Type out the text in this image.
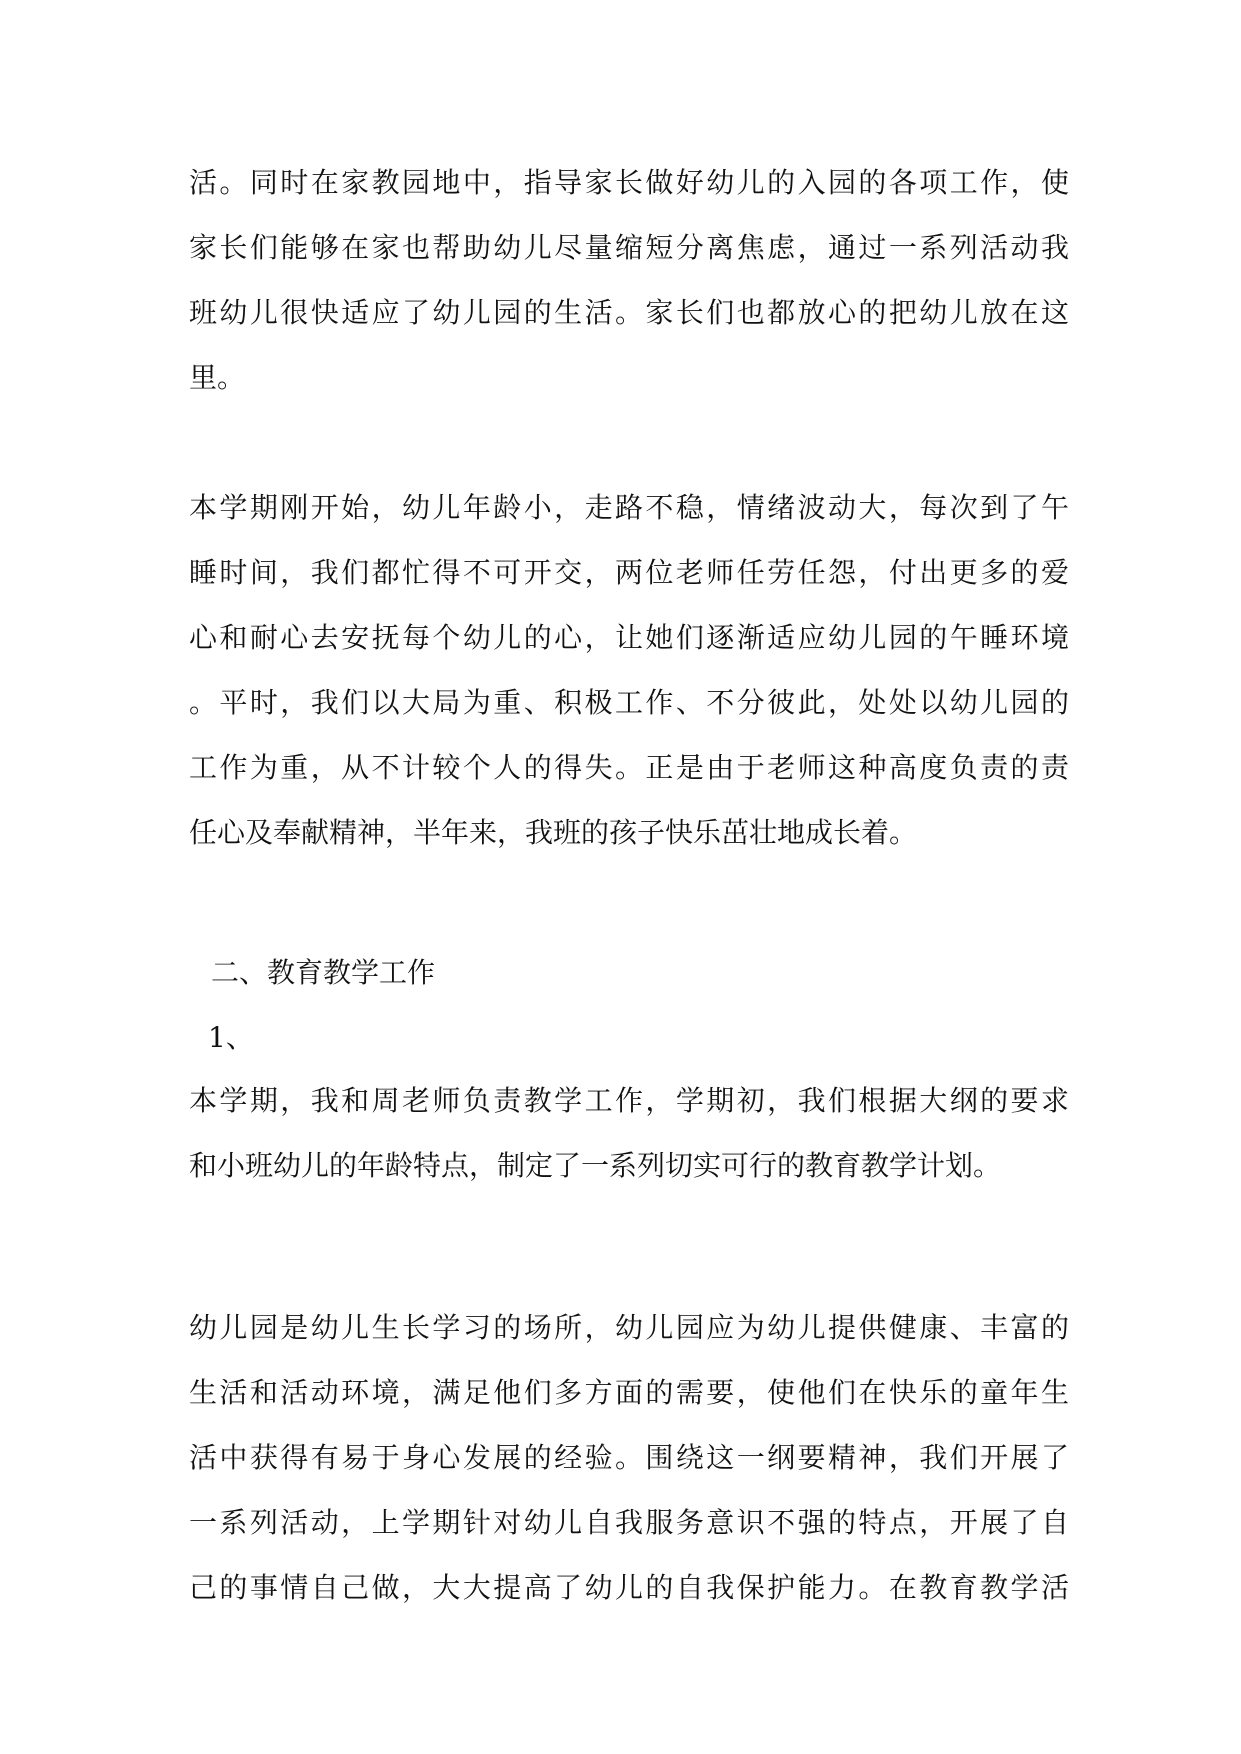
活。同时在家教园地中，指导家长做好幼儿的入园的各项工作，使
家长们能够在家也帮助幼儿尽量缩短分离焦虑，通过一系列活动我
班幼儿很快适应了幼儿园的生活。家长们也都放心的把幼儿放在这
里。
本学期刚开始，幼儿年龄小，走路不稳，情绪波动大，每次到了午
睡时间，我们都忙得不可开交，两位老师任劳任怨，付出更多的爱
心和耐心去安抚每个幼儿的心，让她们逐渐适应幼儿园的午睡环境
。平时，我们以大局为重、积极工作、不分彼此，处处以幼儿园的
工作为重，从不计较个人的得失。正是由于老师这种高度负责的责
任心及奉献精神，半年来，我班的孩子快乐茁壮地成长着。
二、教育教学工作
1、
本学期，我和周老师负责教学工作，学期初，我们根据大纲的要求
和小班幼儿的年龄特点，制定了一系列切实可行的教育教学计划。
幼儿园是幼儿生长学习的场所，幼儿园应为幼儿提供健康、丰富的
生活和活动环境，满足他们多方面的需要，使他们在快乐的童年生
活中获得有易于身心发展的经验。围绕这一纲要精神，我们开展了
一系列活动，上学期针对幼儿自我服务意识不强的特点，开展了自
己的事情自己做，大大提高了幼儿的自我保护能力。在教育教学活
